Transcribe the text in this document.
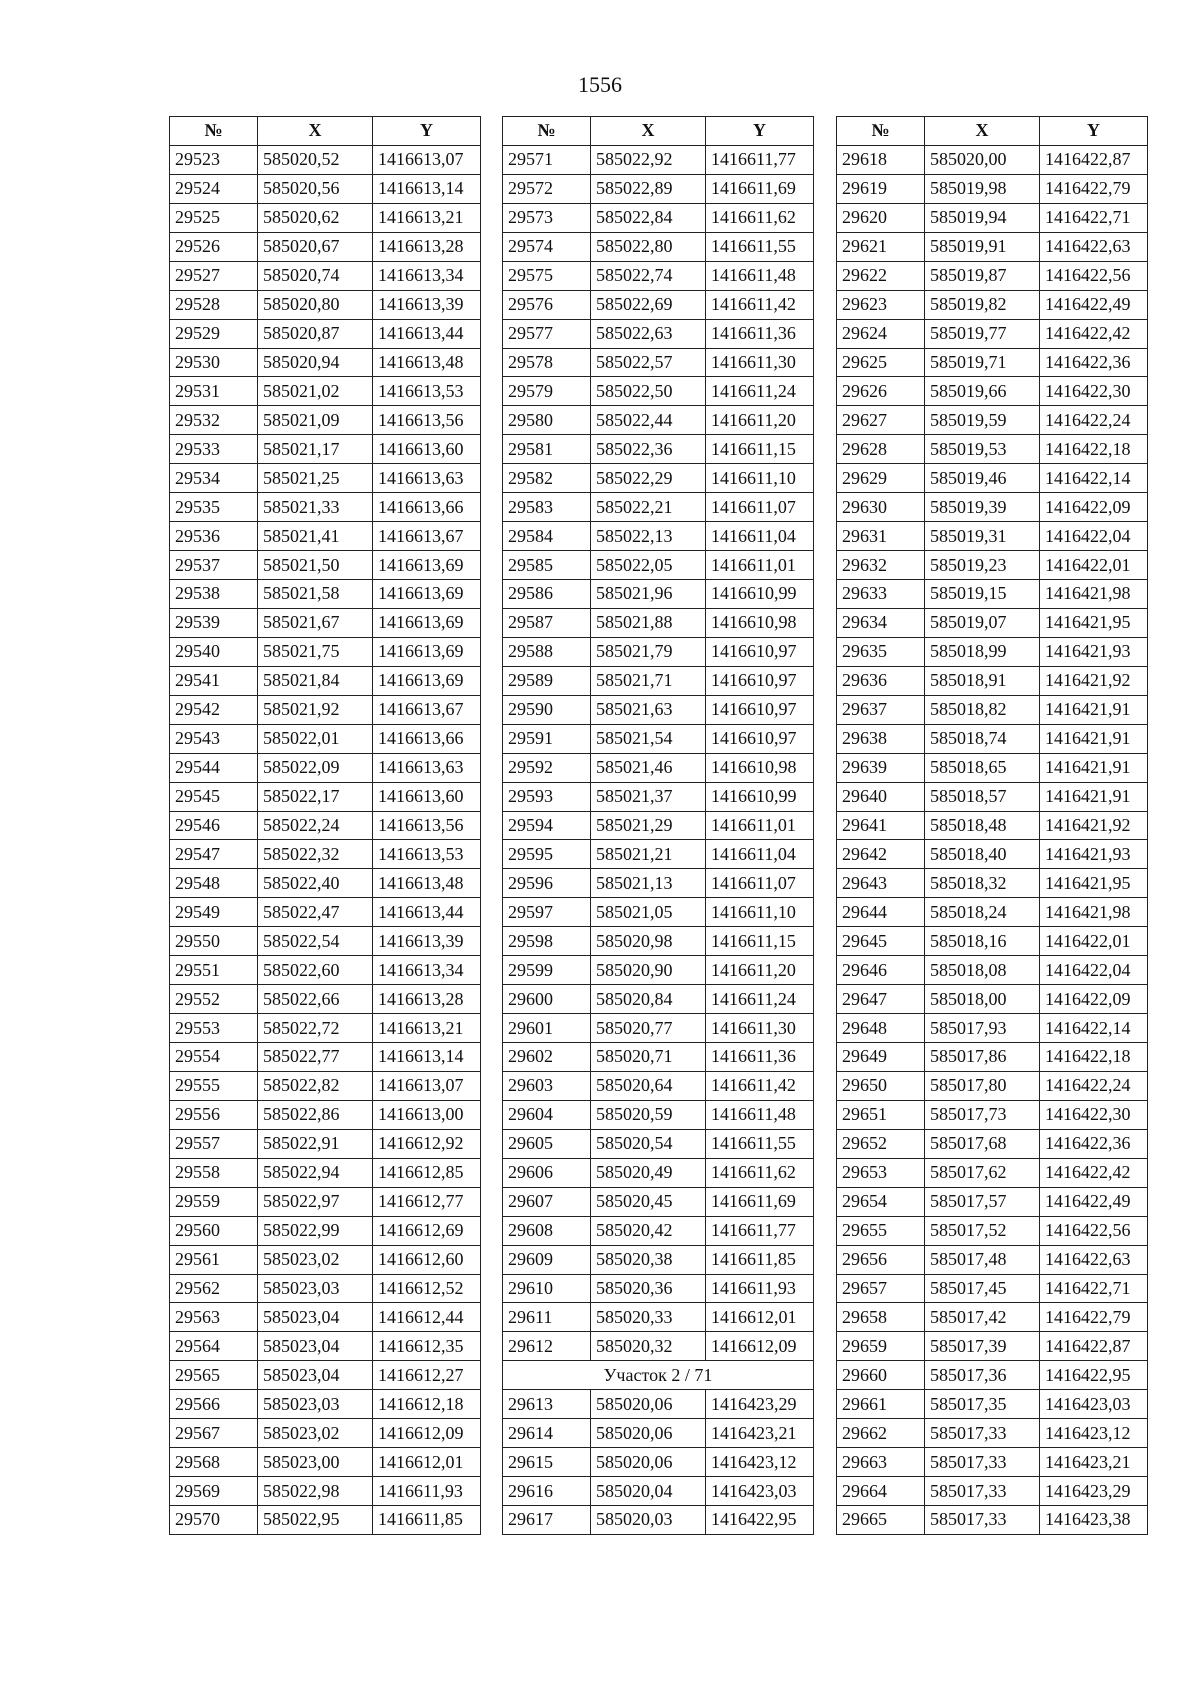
1556
№	X	Y
29523	585020,52	1416613,07
29524	585020,56	1416613,14
29525	585020,62	1416613,21
29526	585020,67	1416613,28
29527	585020,74	1416613,34
29528	585020,80	1416613,39
29529	585020,87	1416613,44
29530	585020,94	1416613,48
29531	585021,02	1416613,53
29532	585021,09	1416613,56
29533	585021,17	1416613,60
29534	585021,25	1416613,63
29535	585021,33	1416613,66
29536	585021,41	1416613,67
29537	585021,50	1416613,69
29538	585021,58	1416613,69
29539	585021,67	1416613,69
29540	585021,75	1416613,69
29541	585021,84	1416613,69
29542	585021,92	1416613,67
29543	585022,01	1416613,66
29544	585022,09	1416613,63
29545	585022,17	1416613,60
29546	585022,24	1416613,56
29547	585022,32	1416613,53
29548	585022,40	1416613,48
29549	585022,47	1416613,44
29550	585022,54	1416613,39
29551	585022,60	1416613,34
29552	585022,66	1416613,28
29553	585022,72	1416613,21
29554	585022,77	1416613,14
29555	585022,82	1416613,07
29556	585022,86	1416613,00
29557	585022,91	1416612,92
29558	585022,94	1416612,85
29559	585022,97	1416612,77
29560	585022,99	1416612,69
29561	585023,02	1416612,60
29562	585023,03	1416612,52
29563	585023,04	1416612,44
29564	585023,04	1416612,35
29565	585023,04	1416612,27
29566	585023,03	1416612,18
29567	585023,02	1416612,09
29568	585023,00	1416612,01
29569	585022,98	1416611,93
29570	585022,95	1416611,85
№	X	Y
29571	585022,92	1416611,77
29572	585022,89	1416611,69
29573	585022,84	1416611,62
29574	585022,80	1416611,55
29575	585022,74	1416611,48
29576	585022,69	1416611,42
29577	585022,63	1416611,36
29578	585022,57	1416611,30
29579	585022,50	1416611,24
29580	585022,44	1416611,20
29581	585022,36	1416611,15
29582	585022,29	1416611,10
29583	585022,21	1416611,07
29584	585022,13	1416611,04
29585	585022,05	1416611,01
29586	585021,96	1416610,99
29587	585021,88	1416610,98
29588	585021,79	1416610,97
29589	585021,71	1416610,97
29590	585021,63	1416610,97
29591	585021,54	1416610,97
29592	585021,46	1416610,98
29593	585021,37	1416610,99
29594	585021,29	1416611,01
29595	585021,21	1416611,04
29596	585021,13	1416611,07
29597	585021,05	1416611,10
29598	585020,98	1416611,15
29599	585020,90	1416611,20
29600	585020,84	1416611,24
29601	585020,77	1416611,30
29602	585020,71	1416611,36
29603	585020,64	1416611,42
29604	585020,59	1416611,48
29605	585020,54	1416611,55
29606	585020,49	1416611,62
29607	585020,45	1416611,69
29608	585020,42	1416611,77
29609	585020,38	1416611,85
29610	585020,36	1416611,93
29611	585020,33	1416612,01
29612	585020,32	1416612,09
Участок 2 / 71		
29613	585020,06	1416423,29
29614	585020,06	1416423,21
29615	585020,06	1416423,12
29616	585020,04	1416423,03
29617	585020,03	1416422,95
№	X	Y
29618	585020,00	1416422,87
29619	585019,98	1416422,79
29620	585019,94	1416422,71
29621	585019,91	1416422,63
29622	585019,87	1416422,56
29623	585019,82	1416422,49
29624	585019,77	1416422,42
29625	585019,71	1416422,36
29626	585019,66	1416422,30
29627	585019,59	1416422,24
29628	585019,53	1416422,18
29629	585019,46	1416422,14
29630	585019,39	1416422,09
29631	585019,31	1416422,04
29632	585019,23	1416422,01
29633	585019,15	1416421,98
29634	585019,07	1416421,95
29635	585018,99	1416421,93
29636	585018,91	1416421,92
29637	585018,82	1416421,91
29638	585018,74	1416421,91
29639	585018,65	1416421,91
29640	585018,57	1416421,91
29641	585018,48	1416421,92
29642	585018,40	1416421,93
29643	585018,32	1416421,95
29644	585018,24	1416421,98
29645	585018,16	1416422,01
29646	585018,08	1416422,04
29647	585018,00	1416422,09
29648	585017,93	1416422,14
29649	585017,86	1416422,18
29650	585017,80	1416422,24
29651	585017,73	1416422,30
29652	585017,68	1416422,36
29653	585017,62	1416422,42
29654	585017,57	1416422,49
29655	585017,52	1416422,56
29656	585017,48	1416422,63
29657	585017,45	1416422,71
29658	585017,42	1416422,79
29659	585017,39	1416422,87
29660	585017,36	1416422,95
29661	585017,35	1416423,03
29662	585017,33	1416423,12
29663	585017,33	1416423,21
29664	585017,33	1416423,29
29665	585017,33	1416423,38
